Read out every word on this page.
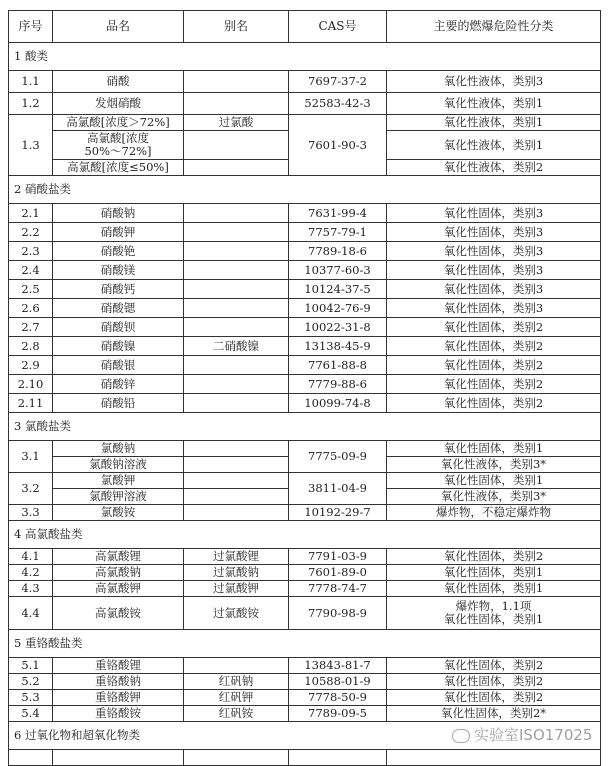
序号	品名	别名	CAS号	主要的燃爆危险性分类
1 酸类				
1.1	硝酸		7697-37-2	氧化性液体，类别3
1.2	发烟硝酸		52583-42-3	氧化性液体，类别1
1.3	高氯酸[浓度＞72%]	过氯酸	7601-90-3	氧化性液体，类别1
	高氯酸[浓度50%～72%]			氧化性液体，类别1
	高氯酸[浓度≤50%]			氧化性液体，类别2
2 硝酸盐类				
2.1	硝酸钠		7631-99-4	氧化性固体，类别3
2.2	硝酸钾		7757-79-1	氧化性固体，类别3
2.3	硝酸铯		7789-18-6	氧化性固体，类别3
2.4	硝酸镁		10377-60-3	氧化性固体，类别3
2.5	硝酸钙		10124-37-5	氧化性固体，类别3
2.6	硝酸锶		10042-76-9	氧化性固体，类别3
2.7	硝酸钡		10022-31-8	氧化性固体，类别2
2.8	硝酸镍	二硝酸镍	13138-45-9	氧化性固体，类别2
2.9	硝酸银		7761-88-8	氧化性固体，类别2
2.10	硝酸锌		7779-88-6	氧化性固体，类别2
2.11	硝酸铅		10099-74-8	氧化性固体，类别2
3 氯酸盐类				
3.1	氯酸钠		7775-09-9	氧化性固体，类别1
	氯酸钠溶液			氧化性液体，类别3*
3.2	氯酸钾		3811-04-9	氧化性固体，类别1
	氯酸钾溶液			氧化性液体，类别3*
3.3	氯酸铵		10192-29-7	爆炸物，不稳定爆炸物
4 高氯酸盐类				
4.1	高氯酸锂	过氯酸锂	7791-03-9	氧化性固体，类别2
4.2	高氯酸钠	过氯酸钠	7601-89-0	氧化性固体，类别1
4.3	高氯酸钾	过氯酸钾	7778-74-7	氧化性固体，类别1
4.4	高氯酸铵	过氯酸铵	7790-98-9	爆炸物，1.1项
氧化性固体，类别1

5 重铬酸盐类				
5.1	重铬酸锂		13843-81-7	氧化性固体，类别2
5.2	重铬酸钠	红矾钠	10588-01-9	氧化性固体，类别2
5.3	重铬酸钾	红矾钾	7778-50-9	氧化性固体，类别2
5.4	重铬酸铵	红矾铵	7789-09-5	氧化性固体，类别2*
6 过氧化物和超氧化物类				
					实验室ISO17025
